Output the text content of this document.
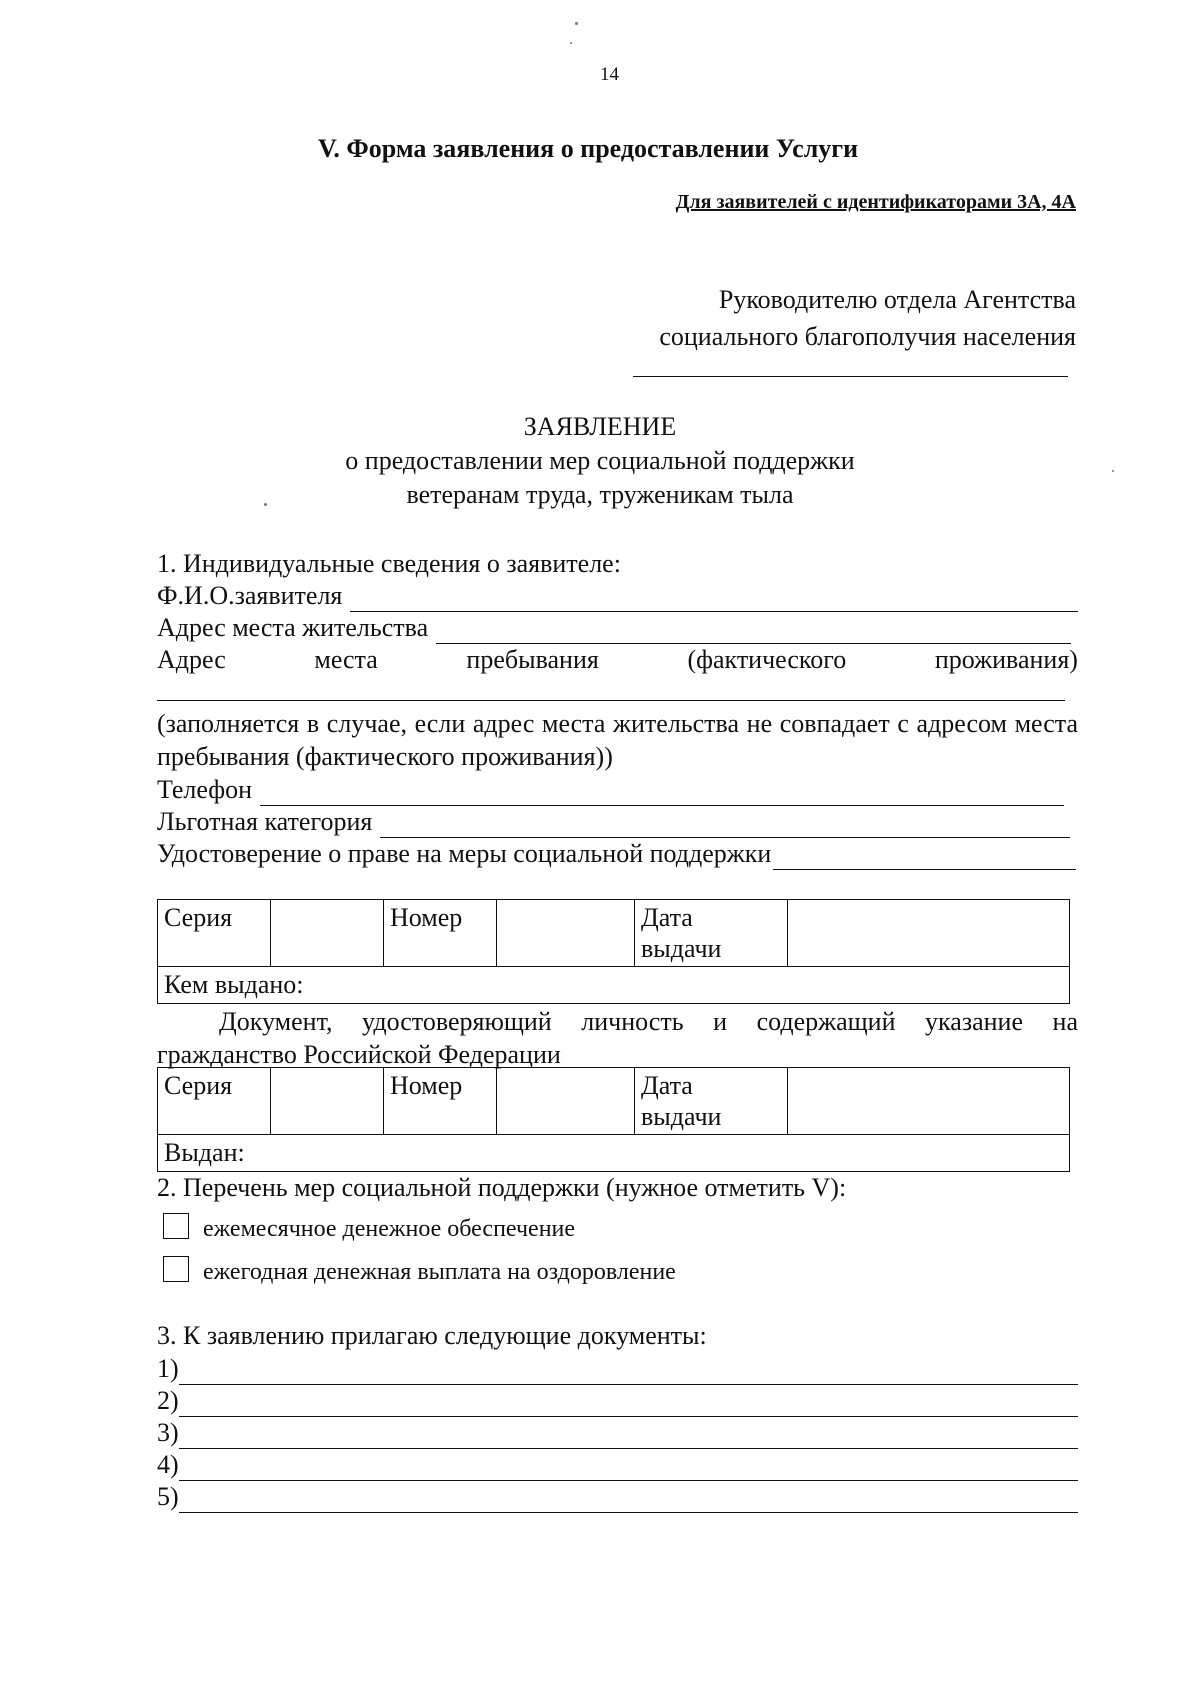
14
V. Форма заявления о предоставлении Услуги
Для заявителей с идентификаторами 3А, 4А
Руководителю отдела Агентства
социального благополучия населения
ЗАЯВЛЕНИЕ
о предоставлении мер социальной поддержки
ветеранам труда, труженикам тыла
1. Индивидуальные сведения о заявителе:
Ф.И.О.заявителя
Адрес места жительства
Адрес	места	пребывания	(фактического	проживания)
(заполняется в случае, если адрес места жительства не совпадает с адресом места пребывания (фактического проживания))
Телефон
Льготная категория
Удостоверение о праве на меры социальной поддержки
Серия		Номер		Дата
выдачи

Кем выдано:
Документ, удостоверяющий личность и содержащий указание на гражданство Российской Федерации
Серия		Номер		Дата
выдачи

Выдан:
2. Перечень мер социальной поддержки (нужное отметить V):
ежемесячное денежное обеспечение
ежегодная денежная выплата на оздоровление
3. К заявлению прилагаю следующие документы:
1)
2)
3)
4)
5)
